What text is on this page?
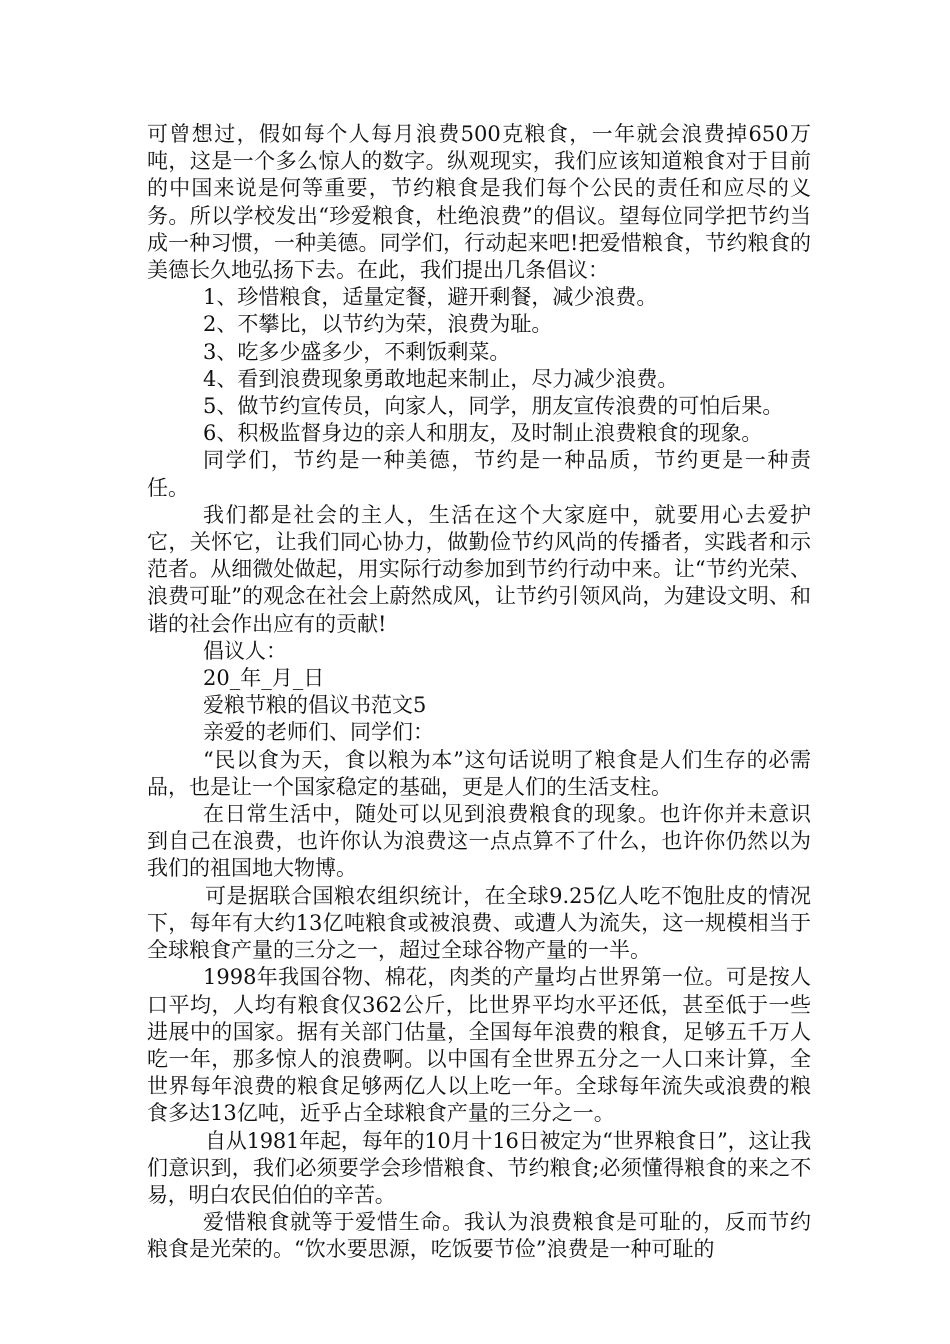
可曾想过，假如每个人每月浪费500克粮食，一年就会浪费掉650万吨，这是一个多么惊人的数字。纵观现实，我们应该知道粮食对于目前的中国来说是何等重要，节约粮食是我们每个公民的责任和应尽的义务。所以学校发出“珍爱粮食，杜绝浪费”的倡议。望每位同学把节约当成一种习惯，一种美德。同学们，行动起来吧!把爱惜粮食，节约粮食的美德长久地弘扬下去。在此，我们提出几条倡议：

1、珍惜粮食，适量定餐，避开剩餐，减少浪费。

2、不攀比，以节约为荣，浪费为耻。

3、吃多少盛多少，不剩饭剩菜。

4、看到浪费现象勇敢地起来制止，尽力减少浪费。

5、做节约宣传员，向家人，同学，朋友宣传浪费的可怕后果。

6、积极监督身边的亲人和朋友，及时制止浪费粮食的现象。

同学们，节约是一种美德，节约是一种品质，节约更是一种责任。

我们都是社会的主人，生活在这个大家庭中，就要用心去爱护它，关怀它，让我们同心协力，做勤俭节约风尚的传播者，实践者和示范者。从细微处做起，用实际行动参加到节约行动中来。让“节约光荣、浪费可耻”的观念在社会上蔚然成风，让节约引领风尚，为建设文明、和谐的社会作出应有的贡献!

倡议人：

20_年_月_日

爱粮节粮的倡议书范文5

亲爱的老师们、同学们：

“民以食为天，食以粮为本”这句话说明了粮食是人们生存的必需品，也是让一个国家稳定的基础，更是人们的生活支柱。

在日常生活中，随处可以见到浪费粮食的现象。也许你并未意识到自己在浪费，也许你认为浪费这一点点算不了什么，也许你仍然以为我们的祖国地大物博。

可是据联合国粮农组织统计，在全球9.25亿人吃不饱肚皮的情况下，每年有大约13亿吨粮食或被浪费、或遭人为流失，这一规模相当于全球粮食产量的三分之一，超过全球谷物产量的一半。

1998年我国谷物、棉花，肉类的产量均占世界第一位。可是按人口平均，人均有粮食仅362公斤，比世界平均水平还低，甚至低于一些进展中的国家。据有关部门估量，全国每年浪费的粮食，足够五千万人吃一年，那多惊人的浪费啊。以中国有全世界五分之一人口来计算，全世界每年浪费的粮食足够两亿人以上吃一年。全球每年流失或浪费的粮食多达13亿吨，近乎占全球粮食产量的三分之一。

自从1981年起，每年的10月十16日被定为“世界粮食日”，这让我们意识到，我们必须要学会珍惜粮食、节约粮食;必须懂得粮食的来之不易，明白农民伯伯的辛苦。

爱惜粮食就等于爱惜生命。我认为浪费粮食是可耻的，反而节约粮食是光荣的。“饮水要思源，吃饭要节俭”浪费是一种可耻的
